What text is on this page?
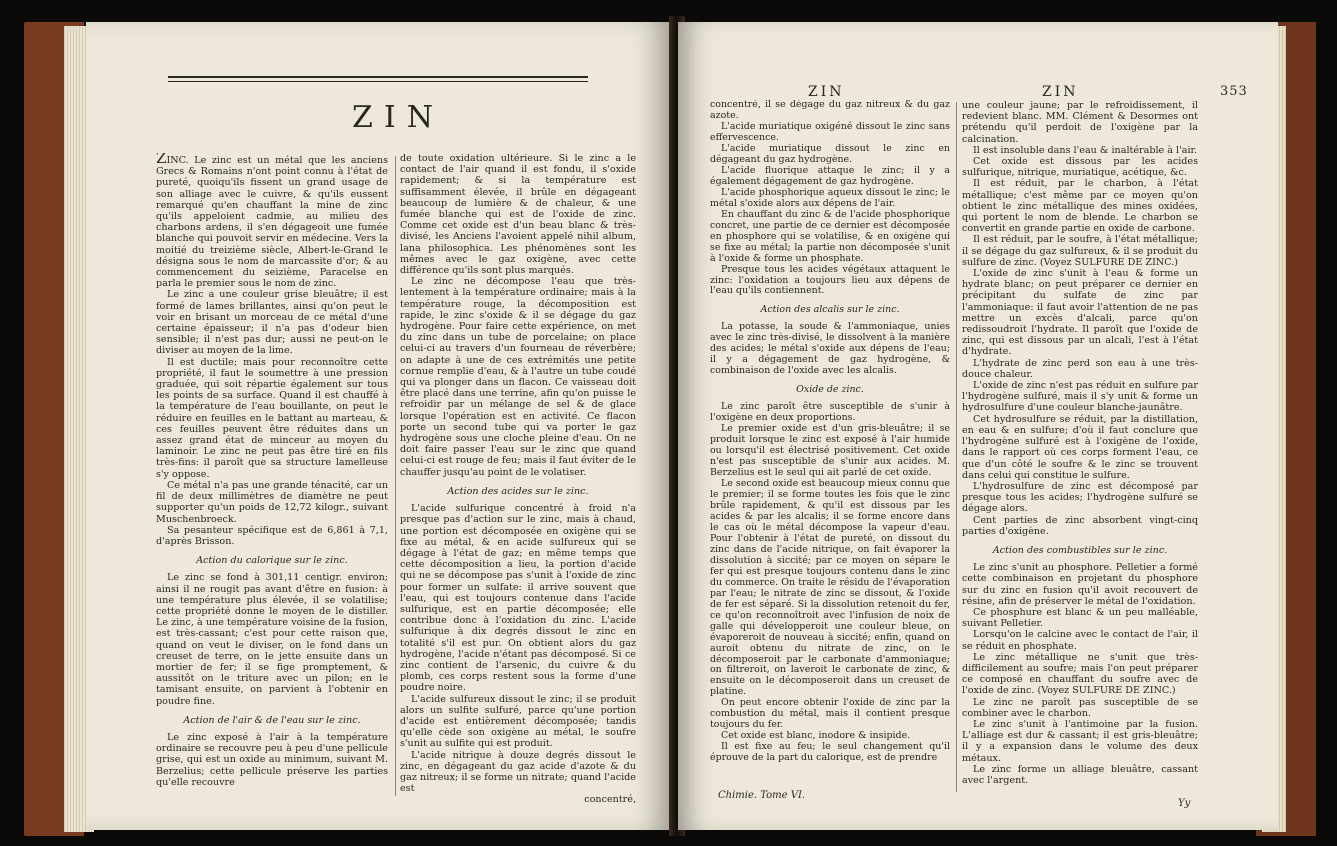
ZIN

ZINC. Le zinc est un métal que les anciens Grecs & Romains n'ont point connu à l'état de pureté, quoiqu'ils fissent un grand usage de son alliage avec le cuivre, & qu'ils eussent remarqué qu'en chauffant la mine de zinc qu'ils appeloient cadmie, au milieu des charbons ardens, il s'en dégageoit une fumée blanche qui pouvoit servir en médecine. Vers la moitié du treizième siècle, Albert-le-Grand le désigna sous le nom de marcassite d'or; & au commencement du seizième, Paracelse en parla le premier sous le nom de zinc.

Le zinc a une couleur grise bleuâtre; il est formé de lames brillantes, ainsi qu'on peut le voir en brisant un morceau de ce métal d'une certaine épaisseur; il n'a pas d'odeur bien sensible; il n'est pas dur; aussi ne peut-on le diviser au moyen de la lime.

Il est ductile; mais pour reconnoître cette propriété, il faut le soumettre à une pression graduée, qui soit répartie également sur tous les points de sa surface. Quand il est chauffé à la température de l'eau bouillante, on peut le réduire en feuilles en le battant au marteau, & ces feuilles peuvent être réduites dans un assez grand état de minceur au moyen du laminoir. Le zinc ne peut pas être tiré en fils très-fins: il paroît que sa structure lamelleuse s'y oppose.

Ce métal n'a pas une grande ténacité, car un fil de deux millimètres de diamètre ne peut supporter qu'un poids de 12,72 kilogr., suivant Muschenbroeck.

Sa pesanteur spécifique est de 6,861 à 7,1, d'après Brisson.

Action du calorique sur le zinc.

Le zinc se fond à 301,11 centigr. environ; ainsi il ne rougit pas avant d'être en fusion: à une température plus élevée, il se volatilise; cette propriété donne le moyen de le distiller. Le zinc, à une température voisine de la fusion, est très-cassant; c'est pour cette raison que, quand on veut le diviser, on le fond dans un creuset de terre, on le jette ensuite dans un mortier de fer; il se fige promptement, & aussitôt on le triture avec un pilon; en le tamisant ensuite, on parvient à l'obtenir en poudre fine.

Action de l'air & de l'eau sur le zinc.

Le zinc exposé à l'air à la température ordinaire se recouvre peu à peu d'une pellicule grise, qui est un oxide au minimum, suivant M. Berzelius; cette pellicule préserve les parties qu'elle recouvre

de toute oxidation ultérieure. Si le zinc a le contact de l'air quand il est fondu, il s'oxide rapidement; & si la température est suffisamment élevée, il brûle en dégageant beaucoup de lumière & de chaleur, & une fumée blanche qui est de l'oxide de zinc. Comme cet oxide est d'un beau blanc & très-divisé, les Anciens l'avoient appelé nihil album, lana philosophica. Les phénomènes sont les mêmes avec le gaz oxigène, avec cette différence qu'ils sont plus marqués.

Le zinc ne décompose l'eau que très-lentement à la température ordinaire; mais à la température rouge, la décomposition est rapide, le zinc s'oxide & il se dégage du gaz hydrogène. Pour faire cette expérience, on met du zinc dans un tube de porcelaine; on place celui-ci au travers d'un fourneau de réverbère; on adapte à une de ces extrémités une petite cornue remplie d'eau, & à l'autre un tube coudé qui va plonger dans un flacon. Ce vaisseau doit être placé dans une terrine, afin qu'on puisse le refroidir par un mélange de sel & de glace lorsque l'opération est en activité. Ce flacon porte un second tube qui va porter le gaz hydrogène sous une cloche pleine d'eau. On ne doit faire passer l'eau sur le zinc que quand celui-ci est rouge de feu; mais il faut éviter de le chauffer jusqu'au point de le volatiser.

Action des acides sur le zinc.

L'acide sulfurique concentré à froid n'a presque pas d'action sur le zinc, mais à chaud, une portion est décomposée en oxigène qui se fixe au métal, & en acide sulfureux qui se dégage à l'état de gaz; en même temps que cette décomposition a lieu, la portion d'acide qui ne se décompose pas s'unit à l'oxide de zinc pour former un sulfate: il arrive souvent que l'eau, qui est toujours contenue dans l'acide sulfurique, est en partie décomposée; elle contribue donc à l'oxidation du zinc. L'acide sulfurique à dix degrés dissout le zinc en totalité s'il est pur. On obtient alors du gaz hydrogène, l'acide n'étant pas décomposé. Si ce zinc contient de l'arsenic, du cuivre & du plomb, ces corps restent sous la forme d'une poudre noire.

L'acide sulfureux dissout le zinc; il se produit alors un sulfite sulfuré, parce qu'une portion d'acide est entièrement décomposée; tandis qu'elle cède son oxigène au métal, le soufre s'unit au sulfite qui est produit.

L'acide nitrique à douze degrés dissout le zinc, en dégageant du gaz acide d'azote & du gaz nitreux; il se forme un nitrate; quand l'acide est

concentré,
ZIN	ZIN	353

concentré, il se dégage du gaz nitreux & du gaz azote.

L'acide muriatique oxigéné dissout le zinc sans effervescence.

L'acide muriatique dissout le zinc en dégageant du gaz hydrogène.

L'acide fluorique attaque le zinc; il y a également dégagement de gaz hydrogène.

L'acide phosphorique aqueux dissout le zinc; le métal s'oxide alors aux dépens de l'air.

En chauffant du zinc & de l'acide phosphorique concret, une partie de ce dernier est décomposée en phosphore qui se volatilise, & en oxigène qui se fixe au métal; la partie non décomposée s'unit à l'oxide & forme un phosphate.

Presque tous les acides végétaux attaquent le zinc: l'oxidation a toujours lieu aux dépens de l'eau qu'ils contiennent.

Action des alcalis sur le zinc.

La potasse, la soude & l'ammoniaque, unies avec le zinc très-divisé, le dissolvent à la manière des acides; le métal s'oxide aux dépens de l'eau; il y a dégagement de gaz hydrogène, & combinaison de l'oxide avec les alcalis.

Oxide de zinc.

Le zinc paroît être susceptible de s'unir à l'oxigène en deux proportions.

Le premier oxide est d'un gris-bleuâtre; il se produit lorsque le zinc est exposé à l'air humide ou lorsqu'il est électrisé positivement. Cet oxide n'est pas susceptible de s'unir aux acides. M. Berzelius est le seul qui ait parlé de cet oxide.

Le second oxide est beaucoup mieux connu que le premier; il se forme toutes les fois que le zinc brûle rapidement, & qu'il est dissous par les acides & par les alcalis; il se forme encore dans le cas où le métal décompose la vapeur d'eau. Pour l'obtenir à l'état de pureté, on dissout du zinc dans de l'acide nitrique, on fait évaporer la dissolution à siccité; par ce moyen on sépare le fer qui est presque toujours contenu dans le zinc du commerce. On traite le résidu de l'évaporation par l'eau; le nitrate de zinc se dissout, & l'oxide de fer est séparé. Si la dissolution retenoit du fer, ce qu'on reconnoîtroit avec l'infusion de noix de galle qui développeroit une couleur bleue, on évaporeroit de nouveau à siccité; enfin, quand on auroit obtenu du nitrate de zinc, on le décomposeroit par le carbonate d'ammoniaque; on filtreroit, on laveroit le carbonate de zinc, & ensuite on le décomposeroit dans un creuset de platine.

On peut encore obtenir l'oxide de zinc par la combustion du métal, mais il contient presque toujours du fer.

Cet oxide est blanc, inodore & insipide.

Il est fixe au feu; le seul changement qu'il éprouve de la part du calorique, est de prendre

une couleur jaune; par le refroidissement, il redevient blanc. MM. Clément & Desormes ont prétendu qu'il perdoit de l'oxigène par la calcination.

Il est insoluble dans l'eau & inaltérable à l'air.

Cet oxide est dissous par les acides sulfurique, nitrique, muriatique, acétique, &c.

Il est réduit, par le charbon, à l'état métallique; c'est même par ce moyen qu'on obtient le zinc métallique des mines oxidées, qui portent le nom de blende. Le charbon se convertit en grande partie en oxide de carbone.

Il est réduit, par le soufre, à l'état métallique; il se dégage du gaz sulfureux, & il se produit du sulfure de zinc. (Voyez SULFURE DE ZINC.)

L'oxide de zinc s'unit à l'eau & forme un hydrate blanc; on peut préparer ce dernier en précipitant du sulfate de zinc par l'ammoniaque: il faut avoir l'attention de ne pas mettre un excès d'alcali, parce qu'on redissoudroit l'hydrate. Il paroît que l'oxide de zinc, qui est dissous par un alcali, l'est à l'état d'hydrate.

L'hydrate de zinc perd son eau à une très-douce chaleur.

L'oxide de zinc n'est pas réduit en sulfure par l'hydrogène sulfuré, mais il s'y unit & forme un hydrosulfure d'une couleur blanche-jaunâtre.

Cet hydrosulfure se réduit, par la distillation, en eau & en sulfure; d'où il faut conclure que l'hydrogène sulfuré est à l'oxigène de l'oxide, dans le rapport où ces corps forment l'eau, ce que d'un côté le soufre & le zinc se trouvent dans celui qui constitue le sulfure.

L'hydrosulfure de zinc est décomposé par presque tous les acides; l'hydrogène sulfuré se dégage alors.

Cent parties de zinc absorbent vingt-cinq parties d'oxigène.

Action des combustibles sur le zinc.

Le zinc s'unit au phosphore. Pelletier a formé cette combinaison en projetant du phosphore sur du zinc en fusion qu'il avoit recouvert de résine, afin de préserver le métal de l'oxidation.

Ce phosphure est blanc & un peu malléable, suivant Pelletier.

Lorsqu'on le calcine avec le contact de l'air, il se réduit en phosphate.

Le zinc métallique ne s'unit que très-difficilement au soufre; mais l'on peut préparer ce composé en chauffant du soufre avec de l'oxide de zinc. (Voyez SULFURE DE ZINC.)

Le zinc ne paroît pas susceptible de se combiner avec le charbon.

Le zinc s'unit à l'antimoine par la fusion. L'alliage est dur & cassant; il est gris-bleuâtre; il y a expansion dans le volume des deux métaux.

Le zinc forme un alliage bleuâtre, cassant avec l'argent.

Chimie. Tome VI.
Yy
